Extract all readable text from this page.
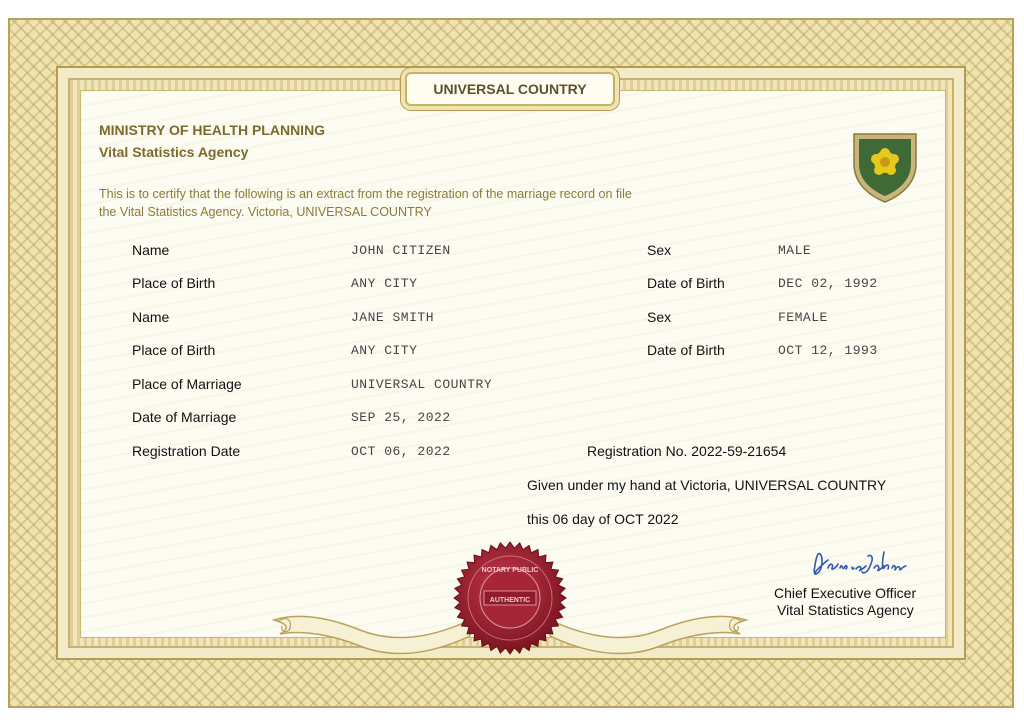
UNIVERSAL COUNTRY
MINISTRY OF HEALTH PLANNING
Vital Statistics Agency
This is to certify that the following is an extract from the registration of the marriage record on file
the Vital Statistics Agency. Victoria, UNIVERSAL COUNTRY
Name	JOHN CITIZEN	Sex	MALE
Place of Birth	ANY CITY	Date of Birth	DEC 02, 1992
Name	JANE SMITH	Sex	FEMALE
Place of Birth	ANY CITY	Date of Birth	OCT 12, 1993
Place of Marriage	UNIVERSAL COUNTRY
Date of Marriage	SEP 25, 2022
Registration Date	OCT 06, 2022	Registration No. 2022-59-21654
Given under my hand at Victoria, UNIVERSAL COUNTRY
this 06 day of OCT 2022
Chief Executive Officer
Vital Statistics Agency
AUTHENTIC
NOTARY PUBLIC
